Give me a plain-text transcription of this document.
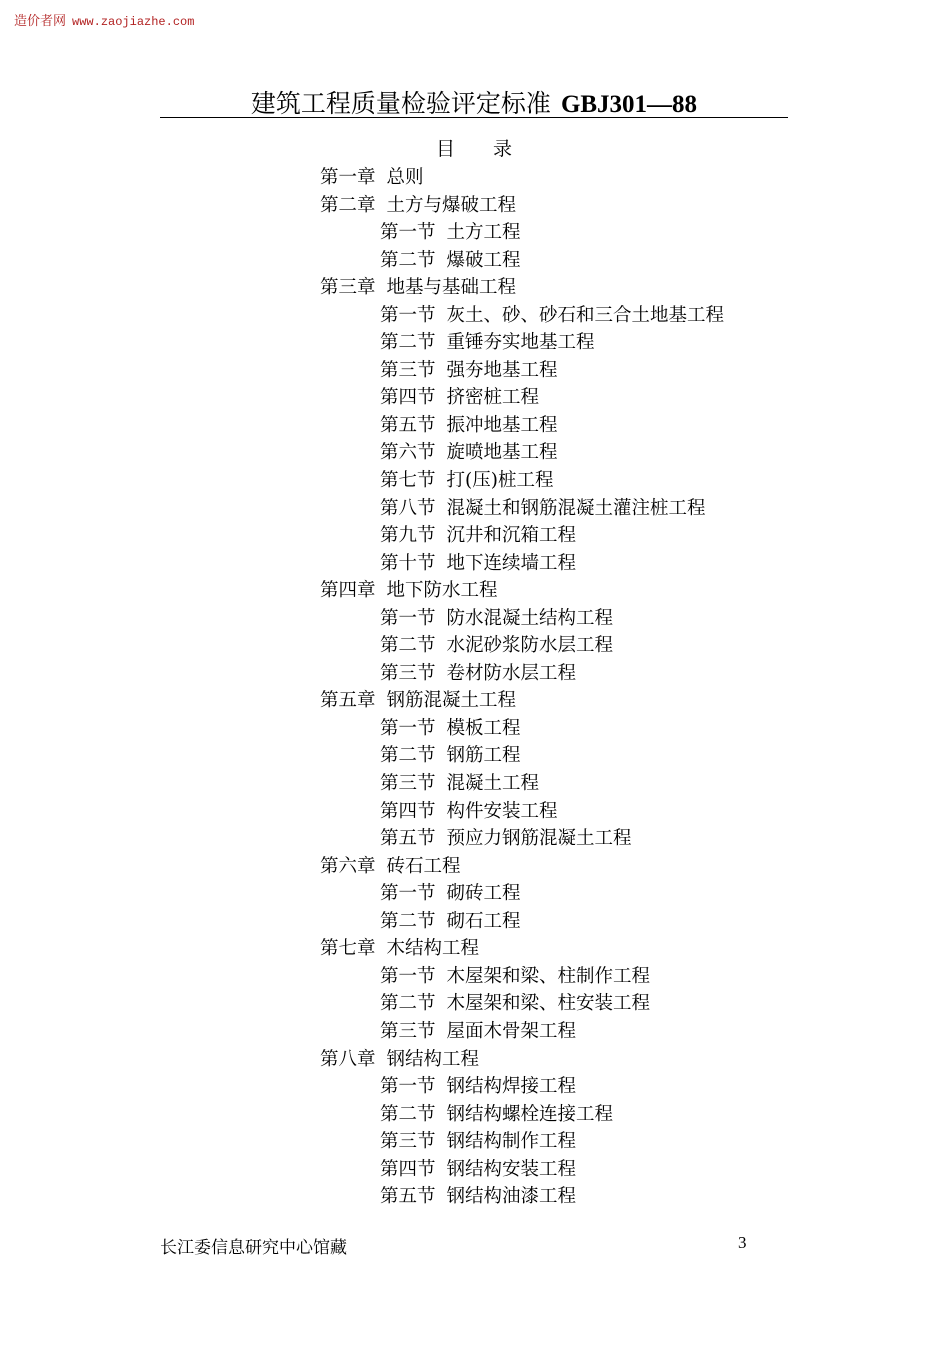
造价者网 www.zaojiazhe.com
建筑工程质量检验评定标准 GBJ301—88
目录
第一章 总则
第二章 土方与爆破工程
第一节 土方工程
第二节 爆破工程
第三章 地基与基础工程
第一节 灰土、砂、砂石和三合土地基工程
第二节 重锤夯实地基工程
第三节 强夯地基工程
第四节 挤密桩工程
第五节 振冲地基工程
第六节 旋喷地基工程
第七节 打(压)桩工程
第八节 混凝土和钢筋混凝土灌注桩工程
第九节 沉井和沉箱工程
第十节 地下连续墙工程
第四章 地下防水工程
第一节 防水混凝土结构工程
第二节 水泥砂浆防水层工程
第三节 卷材防水层工程
第五章 钢筋混凝土工程
第一节 模板工程
第二节 钢筋工程
第三节 混凝土工程
第四节 构件安装工程
第五节 预应力钢筋混凝土工程
第六章 砖石工程
第一节 砌砖工程
第二节 砌石工程
第七章 木结构工程
第一节 木屋架和梁、柱制作工程
第二节 木屋架和梁、柱安装工程
第三节 屋面木骨架工程
第八章 钢结构工程
第一节 钢结构焊接工程
第二节 钢结构螺栓连接工程
第三节 钢结构制作工程
第四节 钢结构安装工程
第五节 钢结构油漆工程
长江委信息研究中心馆藏	3
